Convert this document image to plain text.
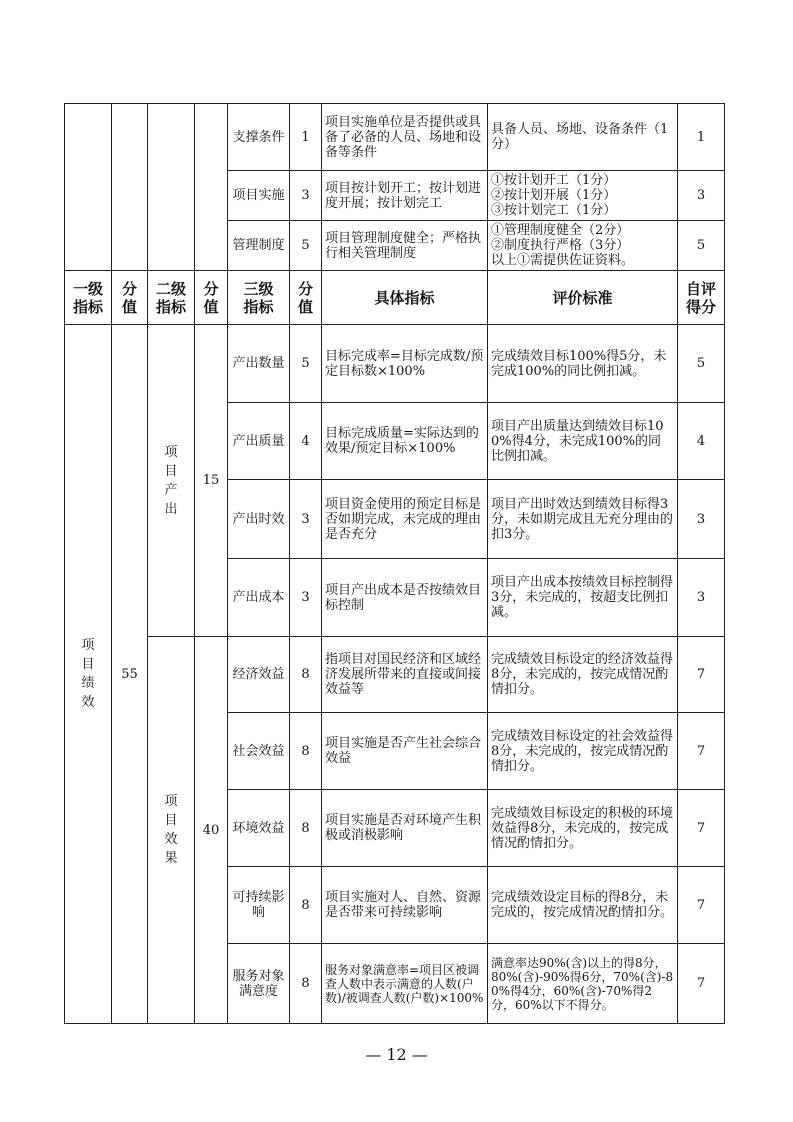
				支撑条件	1	项目实施单位是否提供或具备了必备的人员、场地和设备等条件	具备人员、场地、设备条件（1分）	1
				项目实施	3	项目按计划开工；按计划进度开展；按计划完工	①按计划开工（1分）
②按计划开展（1分）
③按计划完工（1分）	3
				管理制度	5	项目管理制度健全；严格执行相关管理制度	①管理制度健全（2分）
②制度执行严格（3分）
以上①需提供佐证资料。	5
一级指标	分值	二级指标	分值	三级指标	分值	具体指标	评价标准	自评得分
项目绩效	55	项目产出	15	产出数量	5	目标完成率=目标完成数/预定目标数×100%	完成绩效目标100%得5分，未完成100%的同比例扣减。	5
				产出质量	4	目标完成质量=实际达到的效果/预定目标×100%	项目产出质量达到绩效目标100%得4分，未完成100%的同比例扣减。	4
				产出时效	3	项目资金使用的预定目标是否如期完成，未完成的理由是否充分	项目产出时效达到绩效目标得3分，未如期完成且无充分理由的扣3分。	3
				产出成本	3	项目产出成本是否按绩效目标控制	项目产出成本按绩效目标控制得3分，未完成的，按超支比例扣减。	3
		项目效果	40	经济效益	8	指项目对国民经济和区域经济发展所带来的直接或间接效益等	完成绩效目标设定的经济效益得8分，未完成的，按完成情况酌情扣分。	7
				社会效益	8	项目实施是否产生社会综合效益	完成绩效目标设定的社会效益得8分，未完成的，按完成情况酌情扣分。	7
				环境效益	8	项目实施是否对环境产生积极或消极影响	完成绩效目标设定的积极的环境效益得8分，未完成的，按完成情况酌情扣分。	7
				可持续影响	8	项目实施对人、自然、资源是否带来可持续影响	完成绩效设定目标的得8分，未完成的，按完成情况酌情扣分。	7
				服务对象满意度	8	服务对象满意率=项目区被调查人数中表示满意的人数(户数)/被调查人数(户数)×100%	满意率达90%(含)以上的得8分，80%(含)-90%得6分，70%(含)-80%得4分，60%(含)-70%得2分，60%以下不得分。	7
— 12 —
